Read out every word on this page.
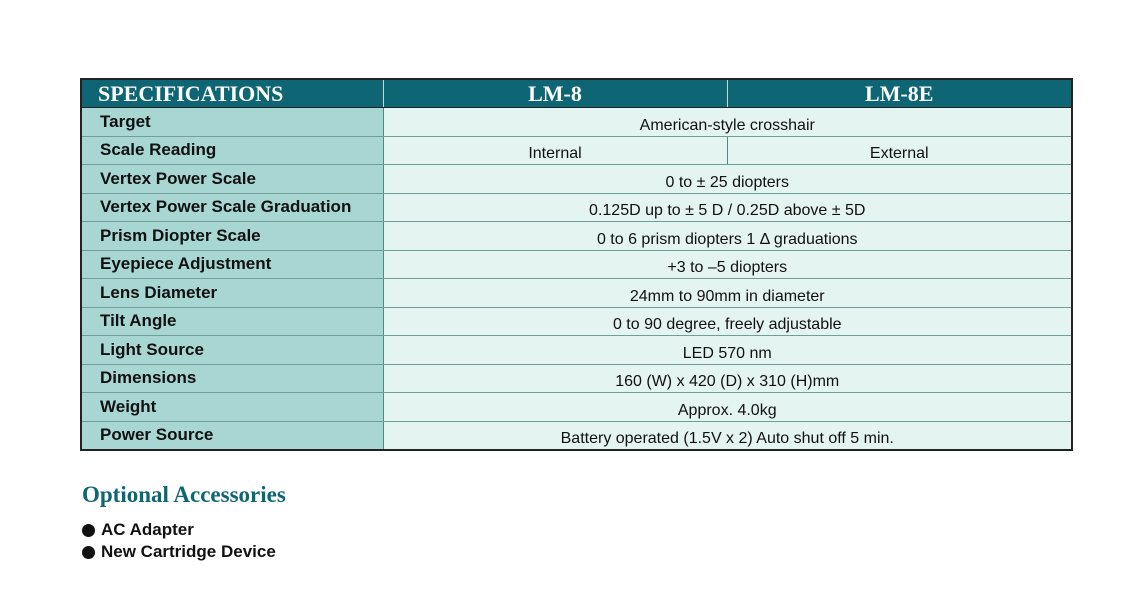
SPECIFICATIONS	LM-8	LM-8E
Target	American-style crosshair	
Scale Reading	Internal	External
Vertex Power Scale	0 to ± 25 diopters	
Vertex Power Scale Graduation	0.125D up to ± 5 D / 0.25D above ± 5D	
Prism Diopter Scale	0 to 6 prism diopters 1 Δ graduations	
Eyepiece Adjustment	+3 to –5 diopters	
Lens Diameter	24mm to 90mm in diameter	
Tilt Angle	0 to 90 degree, freely adjustable	
Light Source	LED 570 nm	
Dimensions	160 (W) x 420 (D) x 310 (H)mm	
Weight	Approx. 4.0kg	
Power Source	Battery operated (1.5V x 2) Auto shut off 5 min.	
Optional Accessories
AC Adapter
New Cartridge Device
